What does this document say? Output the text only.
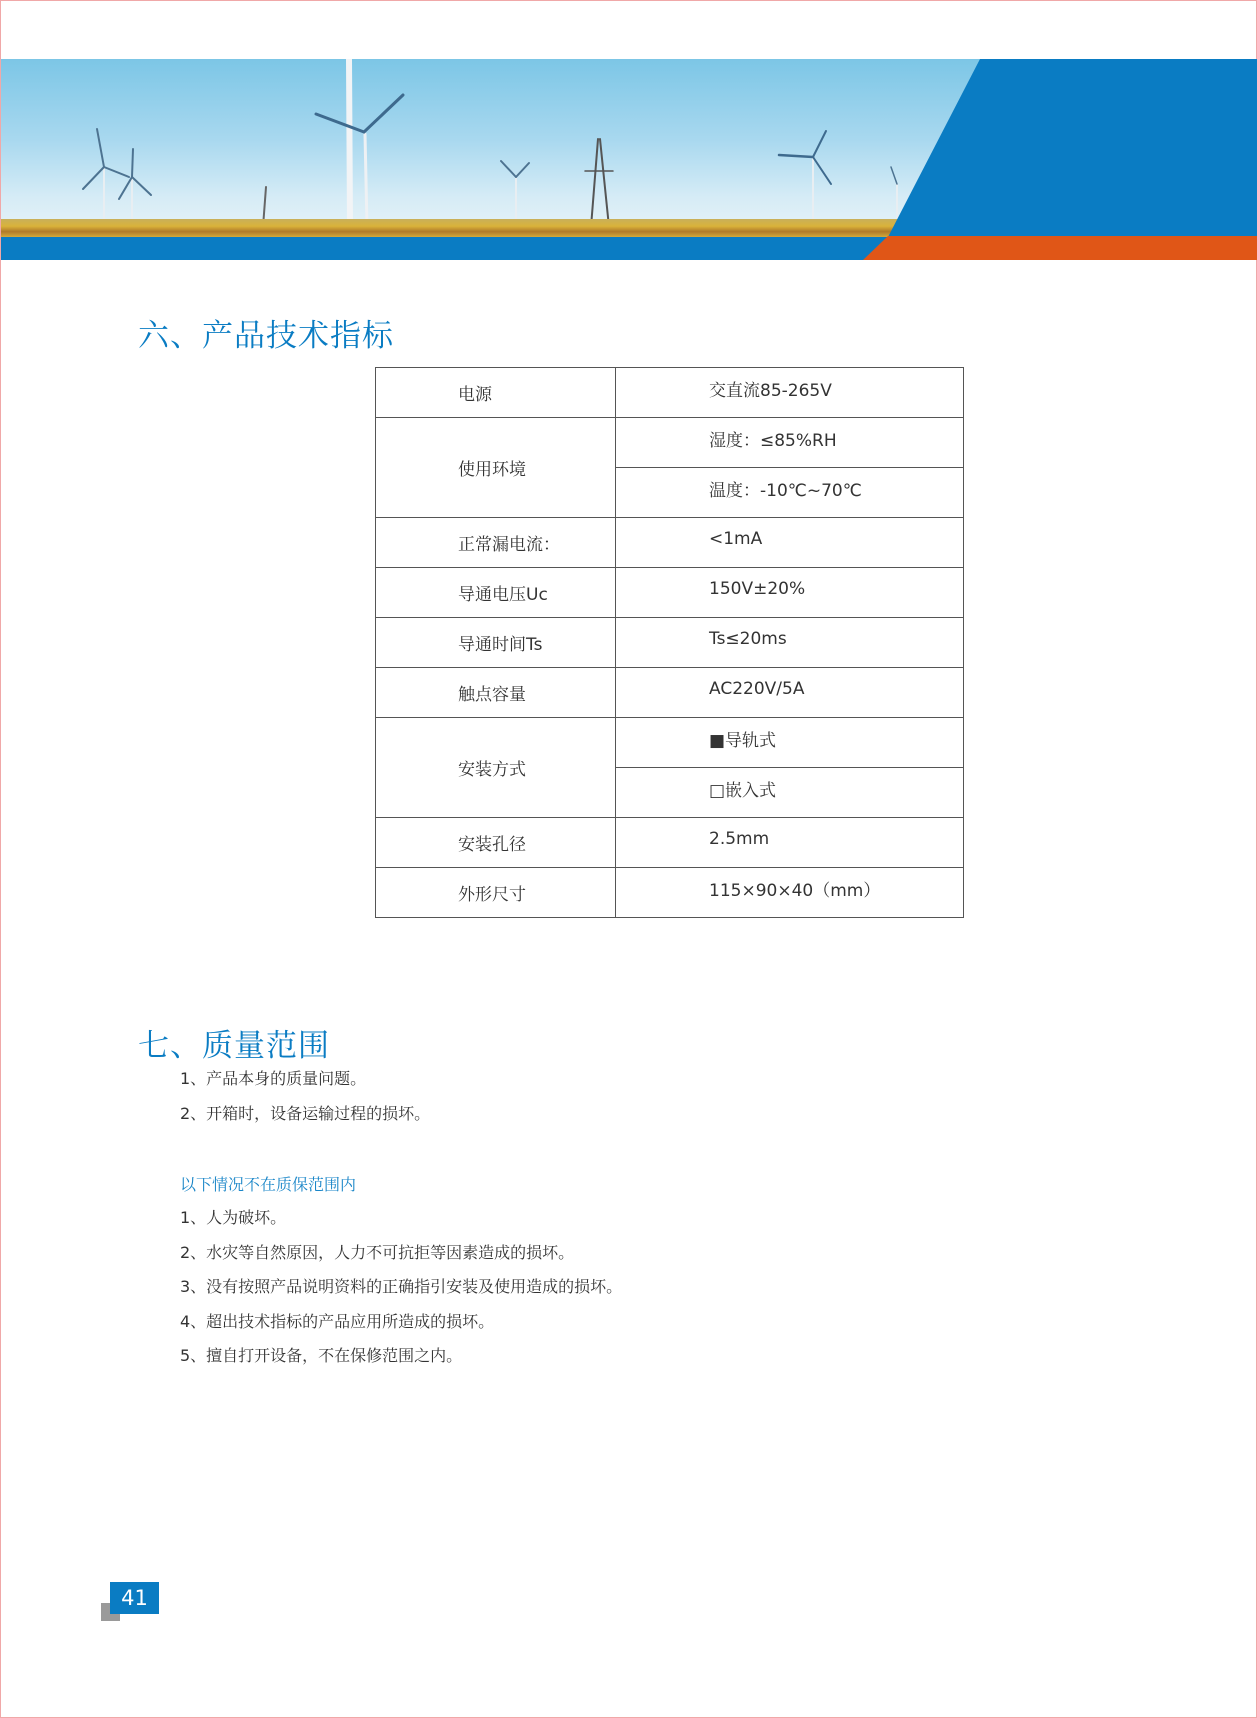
六、产品技术指标
电源	交直流85-265V
使用环境	湿度：≤85%RH
	温度：-10℃~70℃
正常漏电流：	<1mA
导通电压Uc	150V±20%
导通时间Ts	Ts≤20ms
触点容量	AC220V/5A
安装方式	■导轨式
	□嵌入式
安装孔径	2.5mm
外形尺寸	115×90×40（mm）
七、质量范围
1、产品本身的质量问题。
2、开箱时，设备运输过程的损坏。
以下情况不在质保范围内
1、人为破坏。
2、水灾等自然原因，人力不可抗拒等因素造成的损坏。
3、没有按照产品说明资料的正确指引安装及使用造成的损坏。
4、超出技术指标的产品应用所造成的损坏。
5、擅自打开设备，不在保修范围之内。
41
